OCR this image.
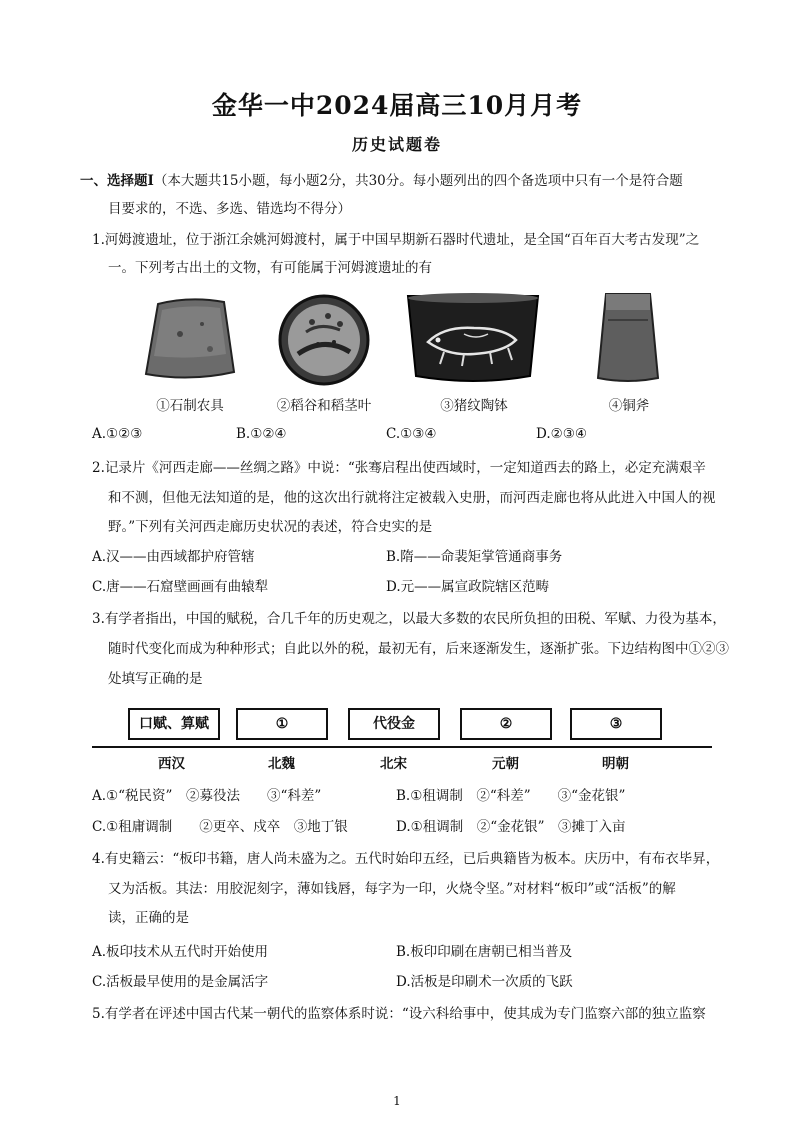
金华一中2024届高三10月月考
历史试题卷
一、选择题Ⅰ（本大题共15小题，每小题2分，共30分。每小题列出的四个备选项中只有一个是符合题
目要求的，不选、多选、错选均不得分）
1.河姆渡遗址，位于浙江余姚河姆渡村，属于中国早期新石器时代遗址，是全国“百年百大考古发现”之
一。下列考古出土的文物，有可能属于河姆渡遗址的有
①石制农具	②稻谷和稻茎叶	③猪纹陶钵	④铜斧
A.①②③	B.①②④	C.①③④	D.②③④
2.记录片《河西走廊——丝绸之路》中说：“张骞启程出使西域时，一定知道西去的路上，必定充满艰辛
和不测，但他无法知道的是，他的这次出行就将注定被载入史册，而河西走廊也将从此进入中国人的视
野。”下列有关河西走廊历史状况的表述，符合史实的是
A.汉——由西域都护府管辖	B.隋——命裴矩掌管通商事务
C.唐——石窟壁画画有曲辕犁	D.元——属宣政院辖区范畴
3.有学者指出，中国的赋税，合几千年的历史观之，以最大多数的农民所负担的田税、军赋、力役为基本，
随时代变化而成为种种形式；自此以外的税，最初无有，后来逐渐发生，逐渐扩张。下边结构图中①②③
处填写正确的是
口赋、算赋	①	代役金	②	③
西汉	北魏	北宋	元朝	明朝
A.①“税民资”　②募役法　　③“科差”	B.①租调制　②“科差”　　③“金花银”
C.①租庸调制　　②更卒、戍卒　③地丁银	D.①租调制　②“金花银”　③摊丁入亩
4.有史籍云：“板印书籍，唐人尚未盛为之。五代时始印五经，已后典籍皆为板本。庆历中，有布衣毕昇，
又为活板。其法：用胶泥刻字，薄如钱唇，每字为一印，火烧令坚。”对材料“板印”或“活板”的解
读，正确的是
A.板印技术从五代时开始使用	B.板印印刷在唐朝已相当普及
C.活板最早使用的是金属活字	D.活板是印刷术一次质的飞跃
5.有学者在评述中国古代某一朝代的监察体系时说：“设六科给事中，使其成为专门监察六部的独立监察
1
